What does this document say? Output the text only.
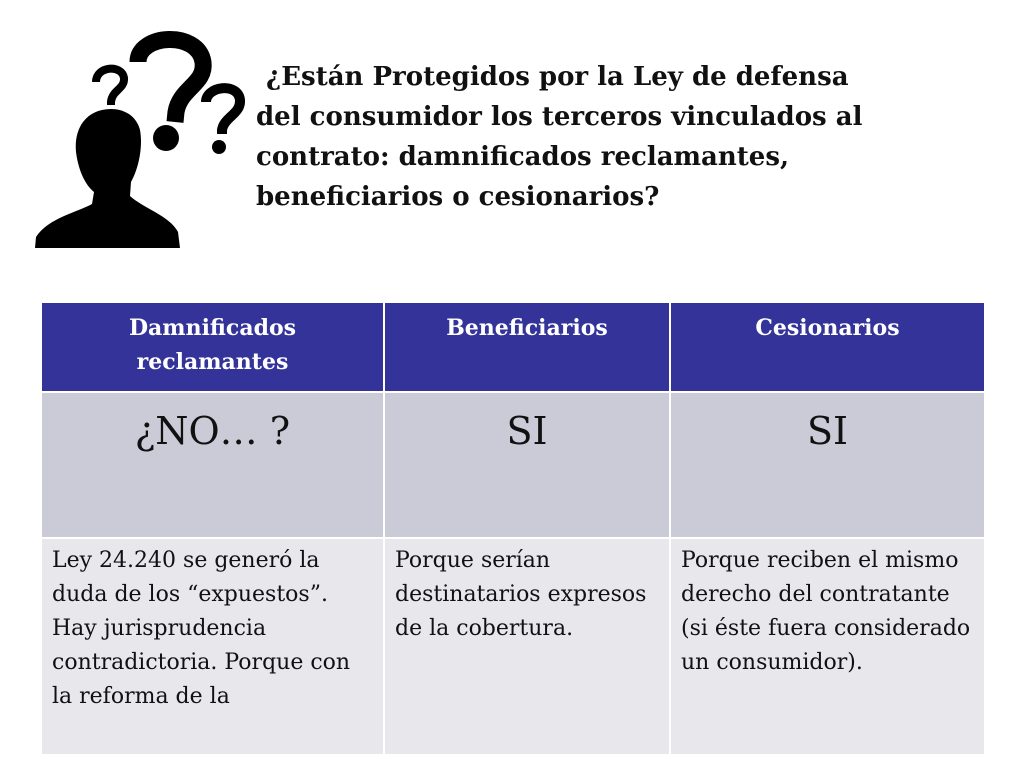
¿Están Protegidos por la Ley de defensa
del consumidor los terceros vinculados al
contrato: damnificados reclamantes,
beneficiarios o cesionarios?
Damnificados reclamantes	Beneficiarios	Cesionarios
¿NO… ?	SI	SI
Ley 24.240 se generó la duda de los “expuestos”. Hay jurisprudencia contradictoria. Porque con la reforma de la	Porque serían destinatarios expresos de la cobertura.	Porque reciben el mismo derecho del contratante (si éste fuera considerado un consumidor).
